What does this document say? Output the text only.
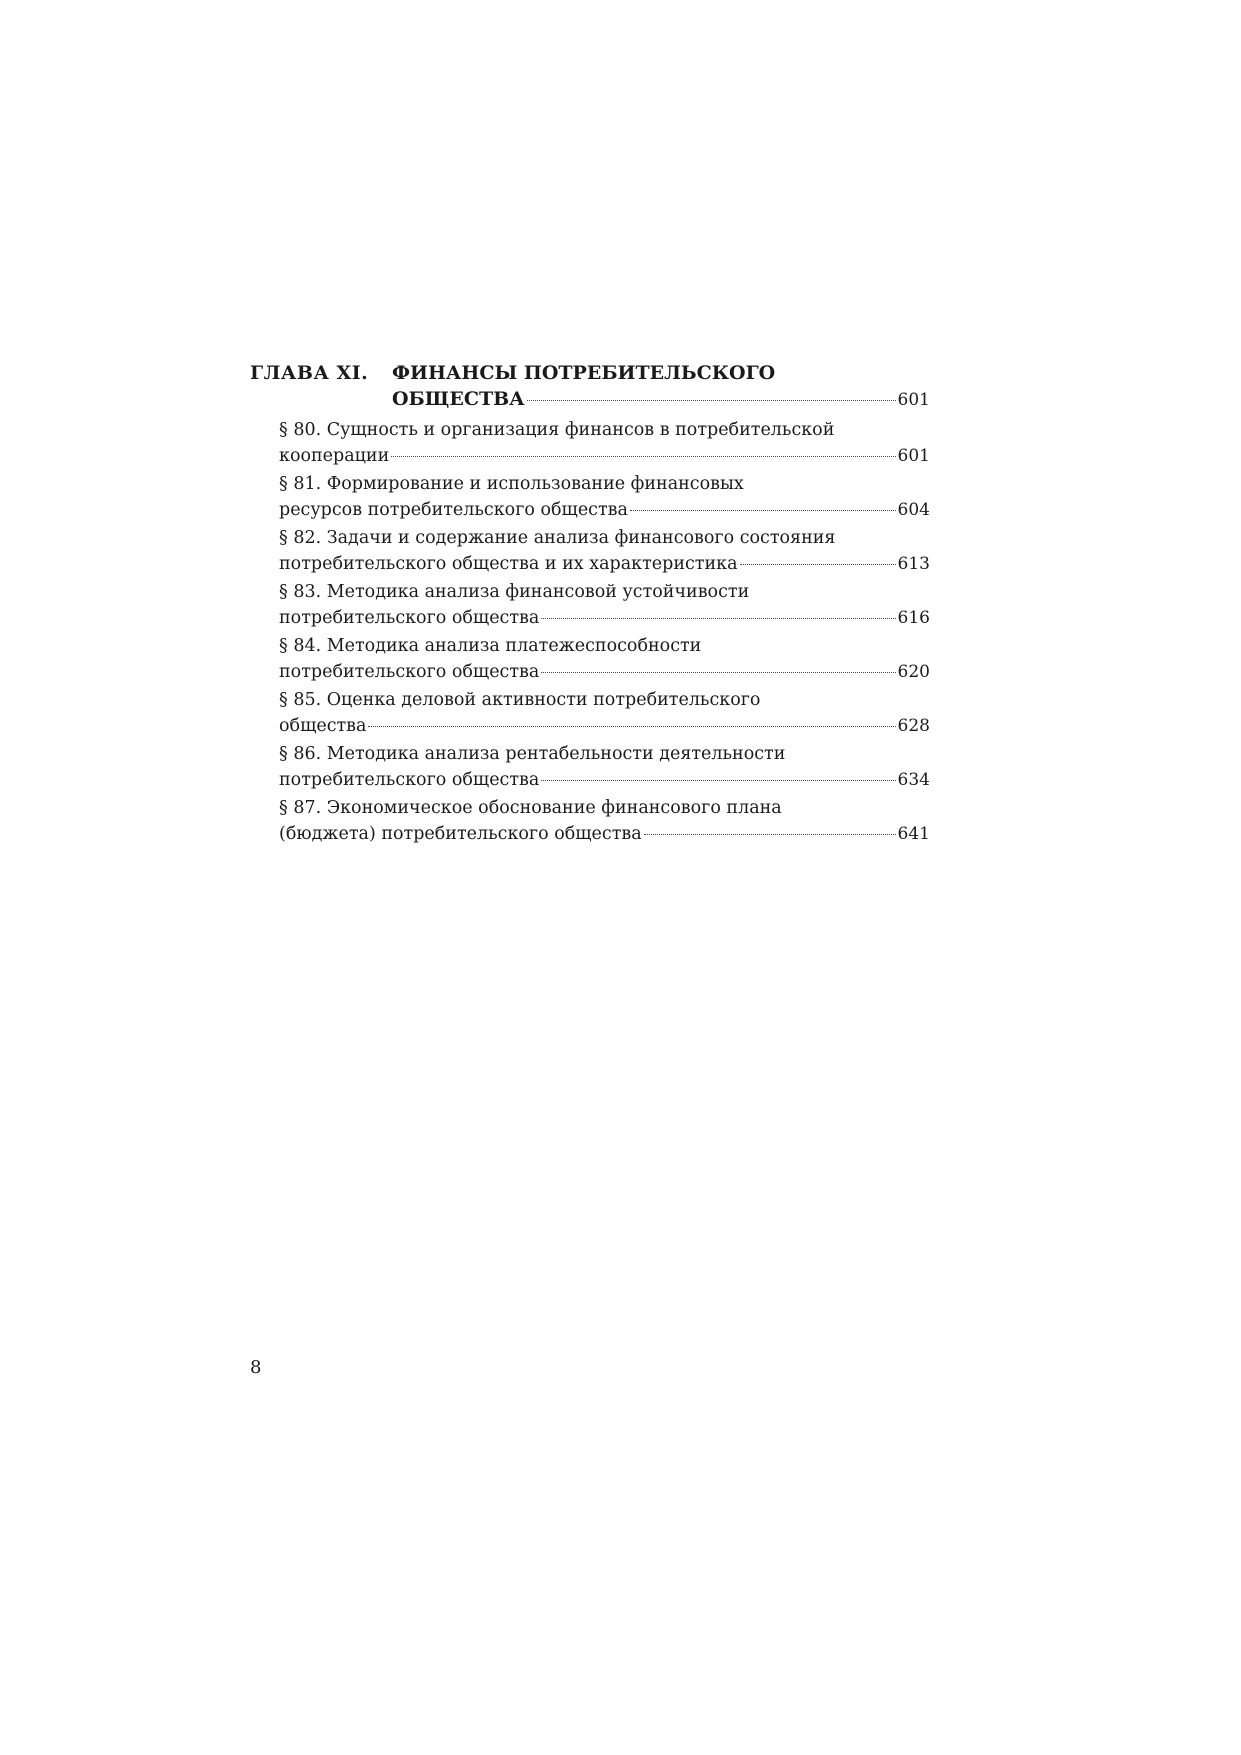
ГЛАВА XI. ФИНАНСЫ ПОТРЕБИТЕЛЬСКОГО
ОБЩЕСТВА	601
§ 80. Сущность и организация финансов в потребительской
кооперации	601
§ 81. Формирование и использование финансовых
ресурсов потребительского общества	604
§ 82. Задачи и содержание анализа финансового состояния
потребительского общества и их характеристика	613
§ 83. Методика анализа финансовой устойчивости
потребительского общества	616
§ 84. Методика анализа платежеспособности
потребительского общества	620
§ 85. Оценка деловой активности потребительского
общества	628
§ 86. Методика анализа рентабельности деятельности
потребительского общества	634
§ 87. Экономическое обоснование финансового плана
(бюджета) потребительского общества	641
8
